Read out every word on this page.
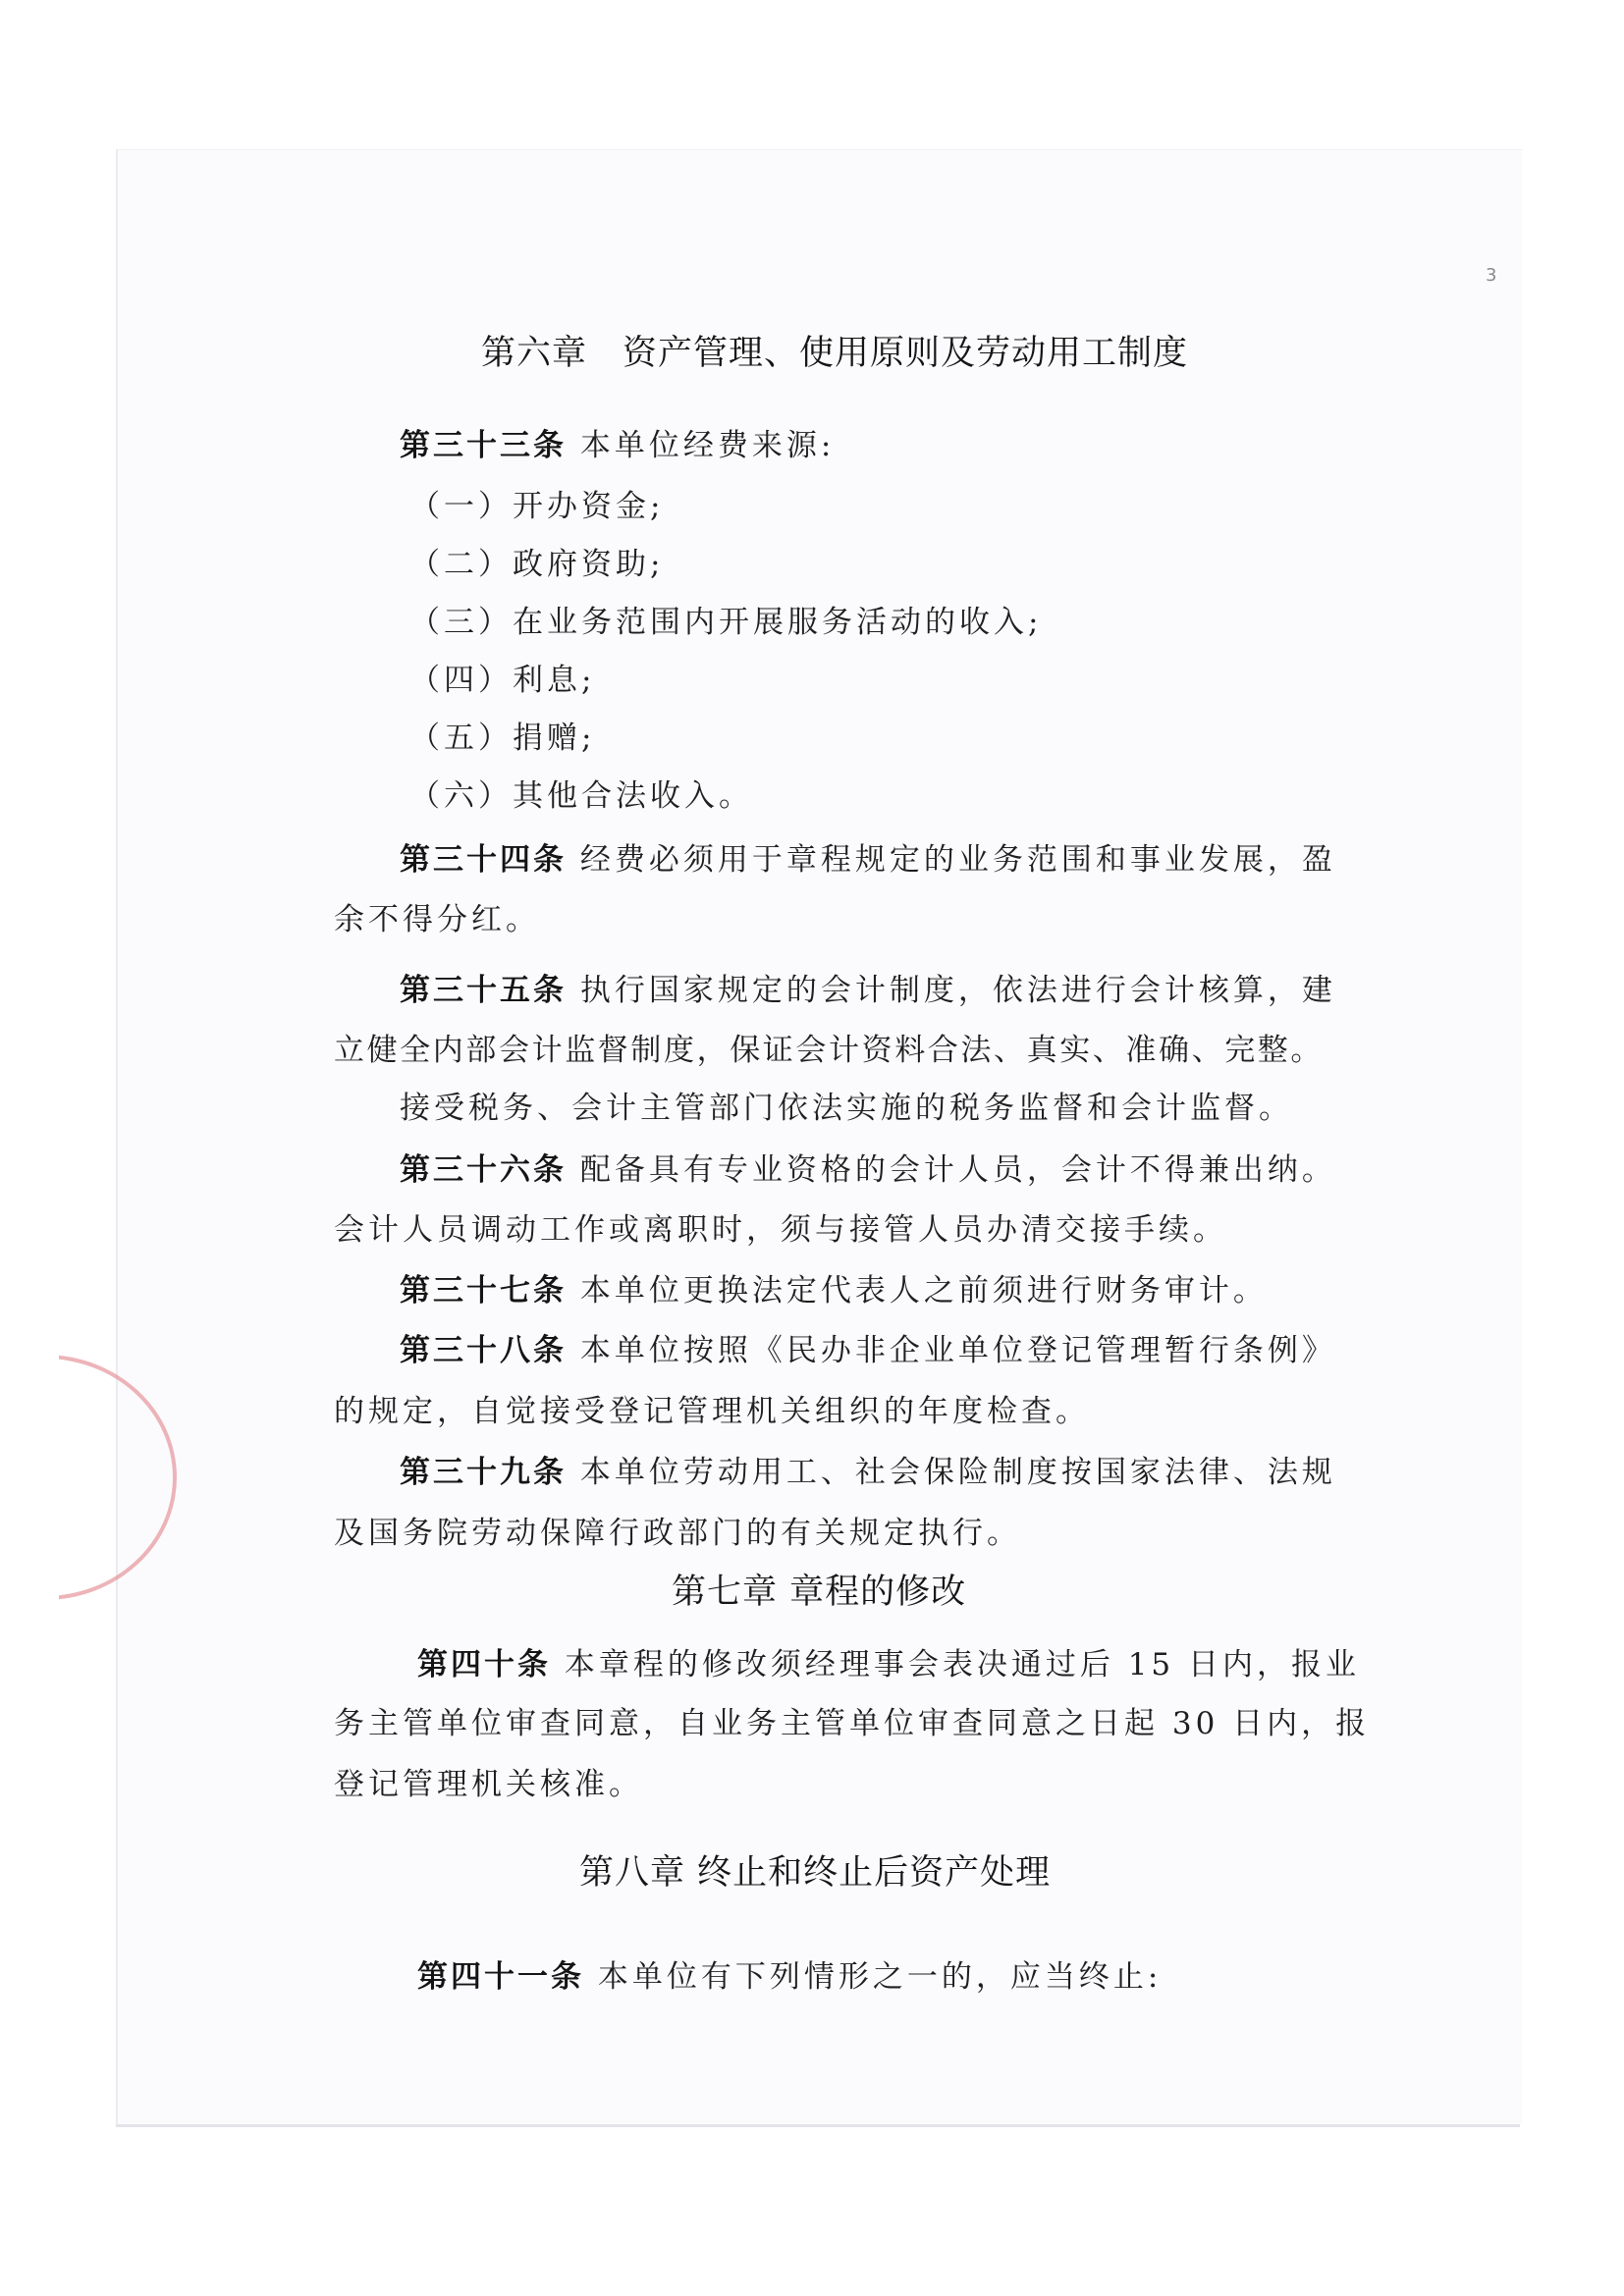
3
第六章　资产管理、使用原则及劳动用工制度
第三十三条 本单位经费来源:
（一）开办资金;
（二）政府资助;
（三）在业务范围内开展服务活动的收入;
（四）利息;
（五）捐赠;
（六）其他合法收入。
第三十四条 经费必须用于章程规定的业务范围和事业发展，盈
余不得分红。
第三十五条 执行国家规定的会计制度，依法进行会计核算，建
立健全内部会计监督制度，保证会计资料合法、真实、准确、完整。
接受税务、会计主管部门依法实施的税务监督和会计监督。
第三十六条 配备具有专业资格的会计人员，会计不得兼出纳。
会计人员调动工作或离职时，须与接管人员办清交接手续。
第三十七条 本单位更换法定代表人之前须进行财务审计。
第三十八条 本单位按照《民办非企业单位登记管理暂行条例》
的规定，自觉接受登记管理机关组织的年度检查。
第三十九条 本单位劳动用工、社会保险制度按国家法律、法规
及国务院劳动保障行政部门的有关规定执行。
第七章 章程的修改
第四十条 本章程的修改须经理事会表决通过后 15 日内，报业
务主管单位审查同意，自业务主管单位审查同意之日起 30 日内，报
登记管理机关核准。
第八章 终止和终止后资产处理
第四十一条 本单位有下列情形之一的，应当终止:
